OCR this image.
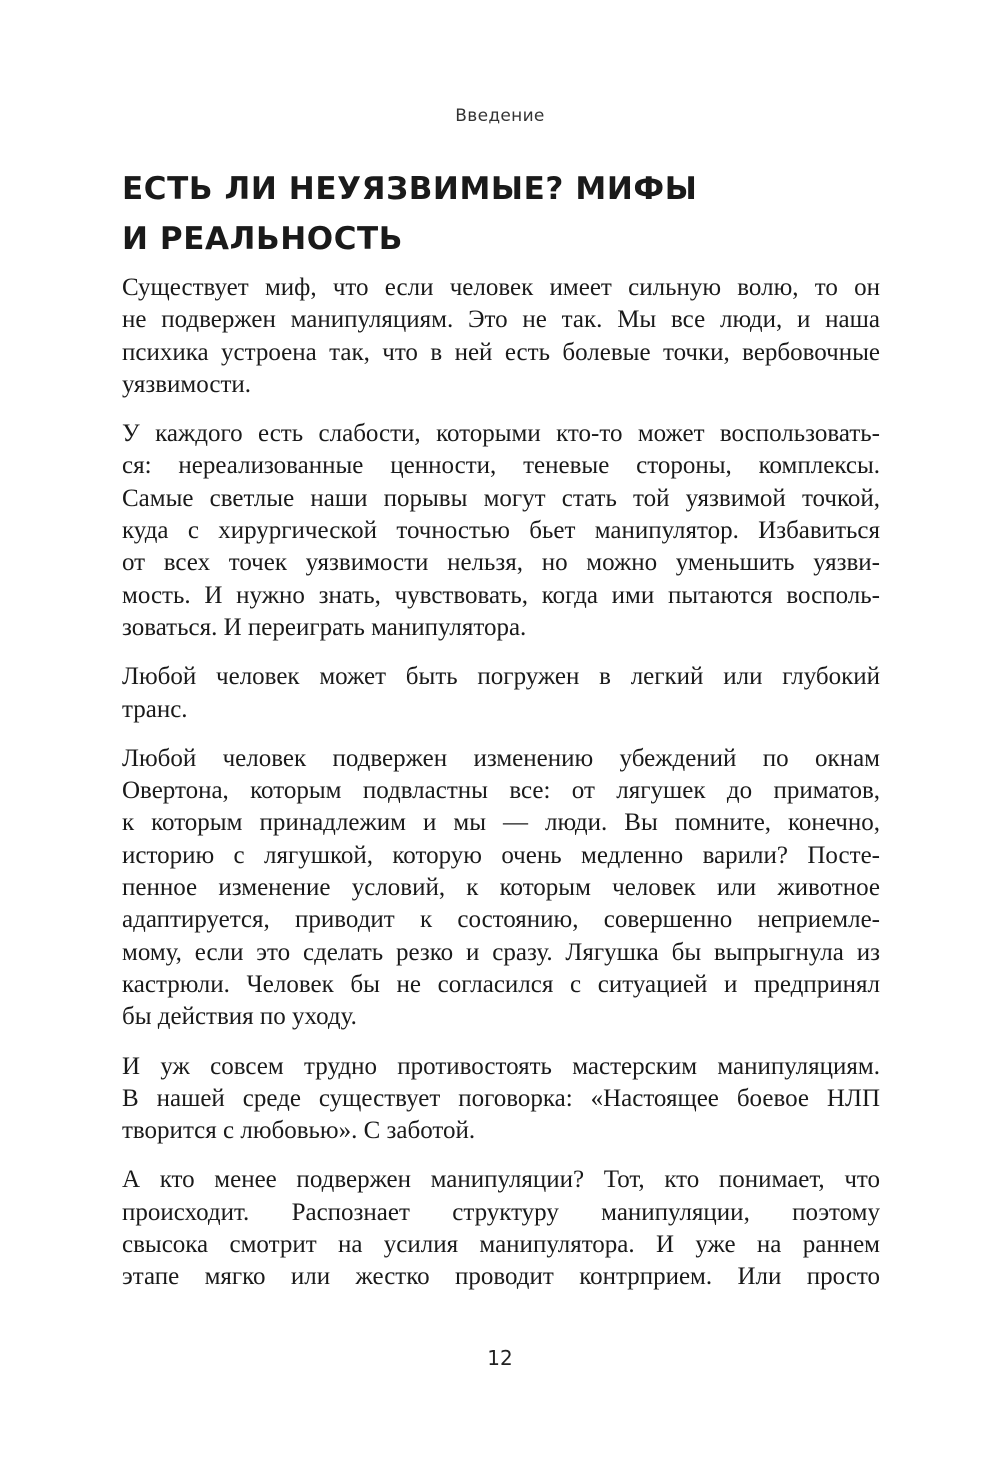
Введение
ЕСТЬ ЛИ НЕУЯЗВИМЫЕ? МИФЫ
И РЕАЛЬНОСТЬ

Существует миф, что если человек имеет сильную волю, то он
не подвержен манипуляциям. Это не так. Мы все люди, и наша
психика устроена так, что в ней есть болевые точки, вербовочные
уязвимости.

У каждого есть слабости, которыми кто-то может воспользовать-
ся: нереализованные ценности, теневые стороны, комплексы.
Самые светлые наши порывы могут стать той уязвимой точкой,
куда с хирургической точностью бьет манипулятор. Избавиться
от всех точек уязвимости нельзя, но можно уменьшить уязви-
мость. И нужно знать, чувствовать, когда ими пытаются восполь-
зоваться. И переиграть манипулятора.

Любой человек может быть погружен в легкий или глубокий
транс.

Любой человек подвержен изменению убеждений по окнам
Овертона, которым подвластны все: от лягушек до приматов,
к которым принадлежим и мы — люди. Вы помните, конечно,
историю с лягушкой, которую очень медленно варили? Посте-
пенное изменение условий, к которым человек или животное
адаптируется, приводит к состоянию, совершенно неприемле-
мому, если это сделать резко и сразу. Лягушка бы выпрыгнула из
кастрюли. Человек бы не согласился с ситуацией и предпринял
бы действия по уходу.

И уж совсем трудно противостоять мастерским манипуляциям.
В нашей среде существует поговорка: «Настоящее боевое НЛП
творится с любовью». С заботой.

А кто менее подвержен манипуляции? Тот, кто понимает, что
происходит. Распознает структуру манипуляции, поэтому
свысока смотрит на усилия манипулятора. И уже на раннем
этапе мягко или жестко проводит контрприем. Или просто

12
